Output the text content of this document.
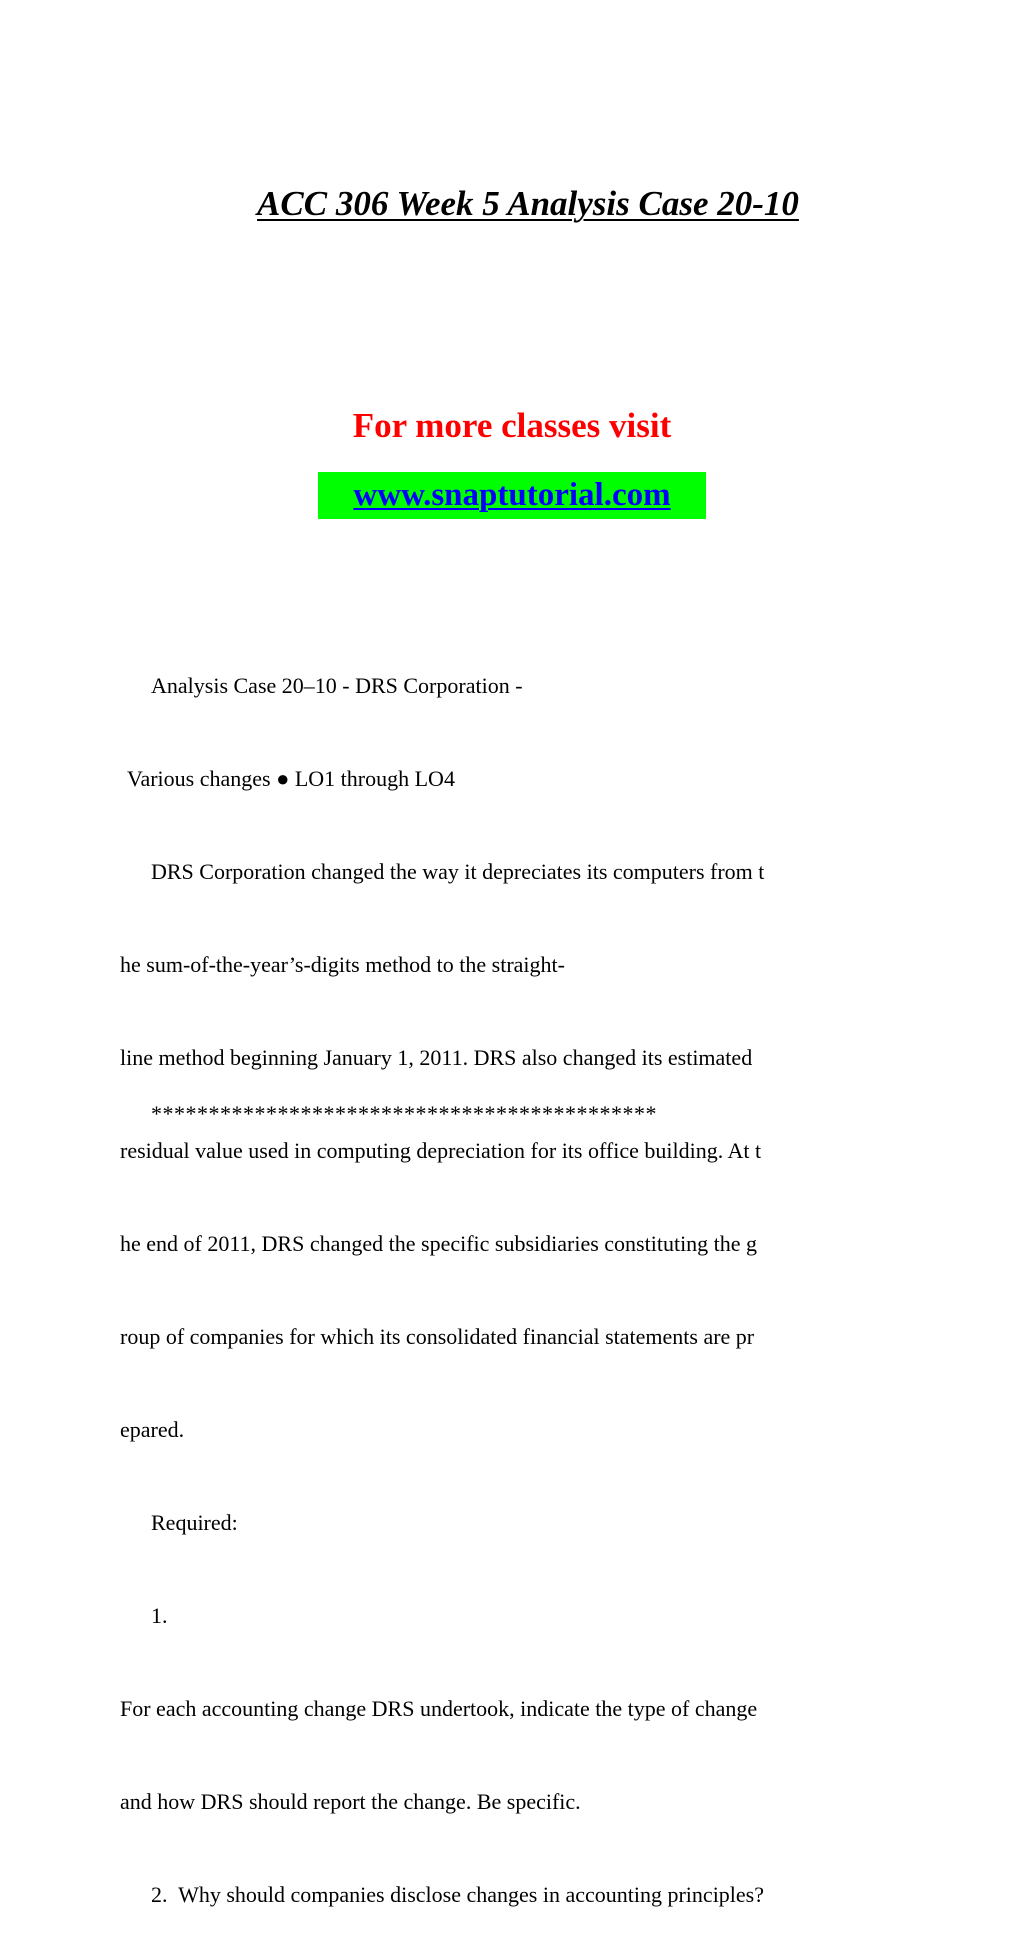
ACC 306 Week 5 Analysis Case 20-10
For more classes visit
www.snaptutorial.com

Analysis Case 20–10 - DRS Corporation -

Various changes ● LO1 through LO4

DRS Corporation changed the way it depreciates its computers from t

he sum-of-the-year’s-digits method to the straight-

line method beginning January 1, 2011. DRS also changed its estimated

residual value used in computing depreciation for its office building. At t

he end of 2011, DRS changed the specific subsidiaries constituting the g

roup of companies for which its consolidated financial statements are pr

epared.

Required:

1.

For each accounting change DRS undertook, indicate the type of change

and how DRS should report the change. Be specific.

2.  Why should companies disclose changes in accounting principles?

********************************************
